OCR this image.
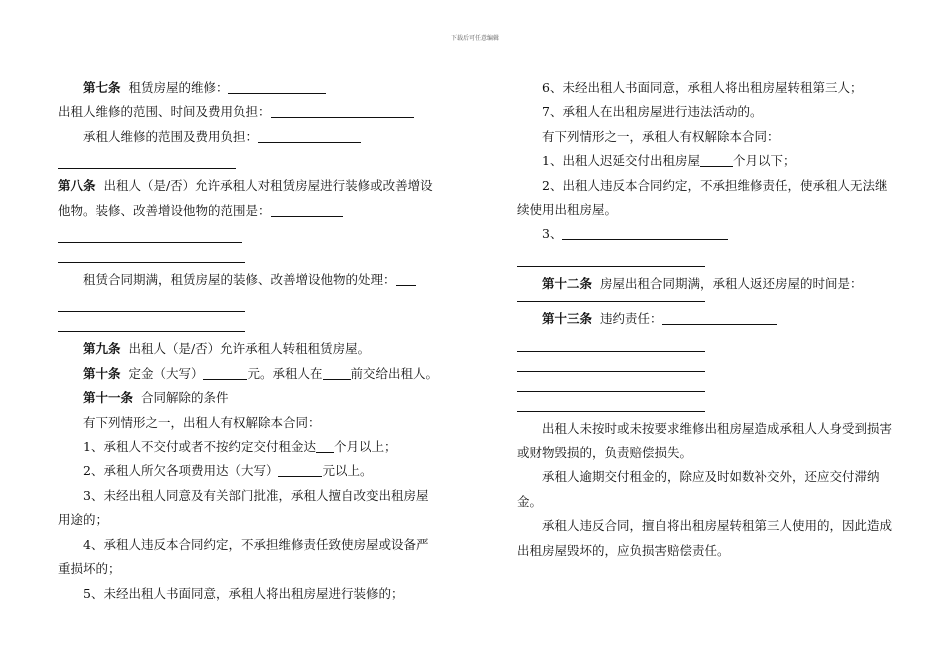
下载后可任意编辑

第七条 租赁房屋的维修：

出租人维修的范围、时间及费用负担：

承租人维修的范围及费用负担：

第八条 出租人（是/否）允许承租人对租赁房屋进行装修或改善增设他物。装修、改善增设他物的范围是：

租赁合同期满，租赁房屋的装修、改善增设他物的处理：

第九条 出租人（是/否）允许承租人转租租赁房屋。

第十条 定金（大写）	元。承租人在 前交给出租人。

第十一条 合同解除的条件

有下列情形之一，出租人有权解除本合同：

1、承租人不交付或者不按约定交付租金达 个月以上；

2、承租人所欠各项费用达（大写）	元以上。

3、未经出租人同意及有关部门批准，承租人擅自改变出租房屋用途的；

4、承租人违反本合同约定，不承担维修责任致使房屋或设备严重损坏的；

5、未经出租人书面同意，承租人将出租房屋进行装修的；

6、未经出租人书面同意，承租人将出租房屋转租第三人；

7、承租人在出租房屋进行违法活动的。

有下列情形之一，承租人有权解除本合同：

1、出租人迟延交付出租房屋	个月以下；

2、出租人违反本合同约定，不承担维修责任，使承租人无法继续使用出租房屋。

3、

第十二条 房屋出租合同期满，承租人返还房屋的时间是：

第十三条 违约责任：

出租人未按时或未按要求维修出租房屋造成承租人人身受到损害或财物毁损的，负责赔偿损失。

承租人逾期交付租金的，除应及时如数补交外，还应交付滞纳金。

承租人违反合同，擅自将出租房屋转租第三人使用的，因此造成出租房屋毁坏的，应负损害赔偿责任。
